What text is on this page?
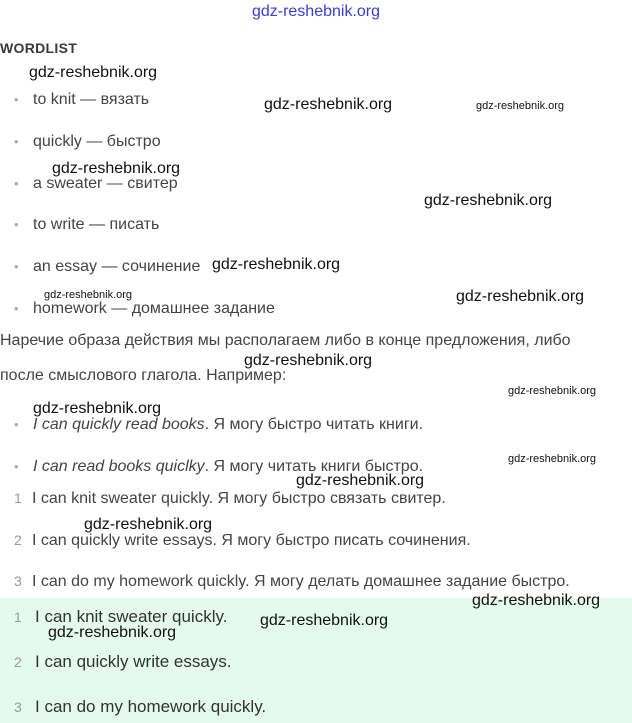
gdz-reshebnik.org
WORDLIST
• to knit — вязать
• quickly — быстро
• a sweater — свитер
• to write — писать
• an essay — сочинение
• homework — домашнее задание
Наречие образа действия мы располагаем либо в конце предложения, либо
после смыслового глагола. Например:
• I can quickly read books. Я могу быстро читать книги.
• I can read books quiclky. Я могу читать книги быстро.
1 I can knit sweater quickly. Я могу быстро связать свитер.
2 I can quickly write essays. Я могу быстро писать сочинения.
3 I can do my homework quickly. Я могу делать домашнее задание быстро.
1 I can knit sweater quickly.
2 I can quickly write essays.
3 I can do my homework quickly.
gdz-reshebnik.org
gdz-reshebnik.org	gdz-reshebnik.org
gdz-reshebnik.org
gdz-reshebnik.org
gdz-reshebnik.org
gdz-reshebnik.org	gdz-reshebnik.org
gdz-reshebnik.org
gdz-reshebnik.org
gdz-reshebnik.org
gdz-reshebnik.org
gdz-reshebnik.org
gdz-reshebnik.org
gdz-reshebnik.org
gdz-reshebnik.org
gdz-reshebnik.org
